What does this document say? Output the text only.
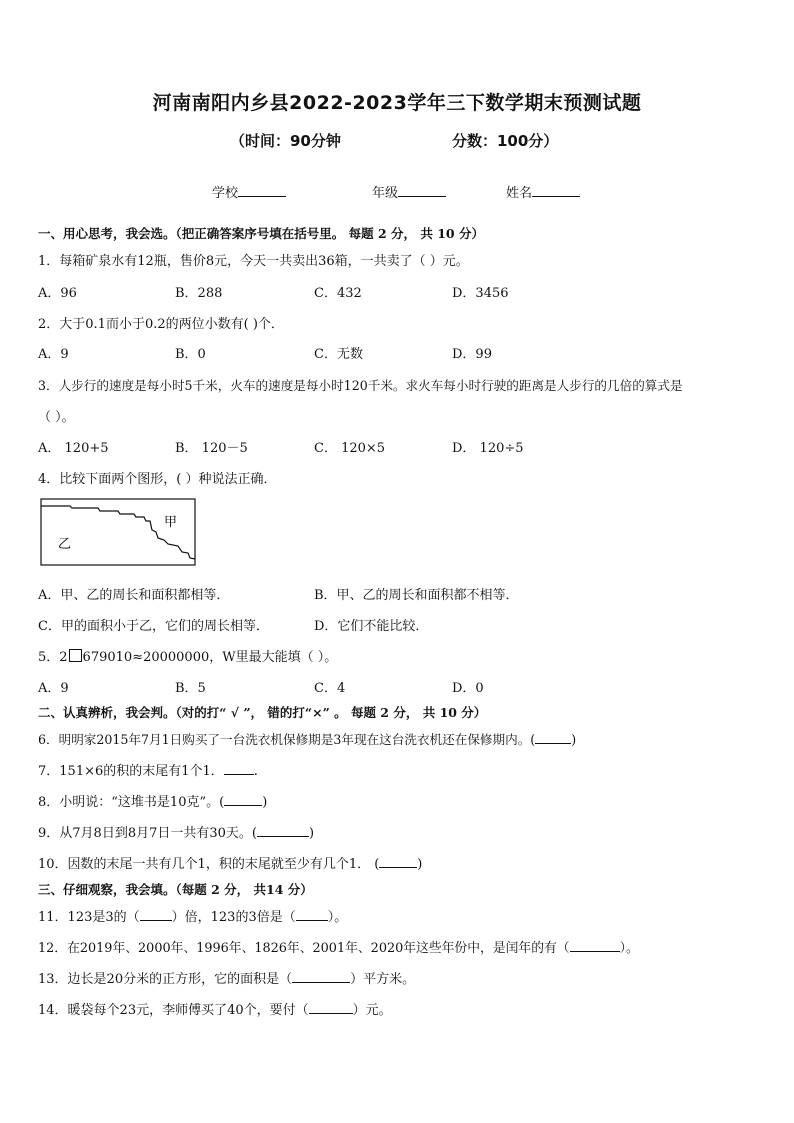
河南南阳内乡县2022-2023学年三下数学期末预测试题
（时间：90分钟	分数：100分）
学校	年级	姓名
一、用心思考，我会选。（把正确答案序号填在括号里。 每题 2 分， 共 10 分）
1．每箱矿泉水有12瓶，售价8元，今天一共卖出36箱，一共卖了（ ）元。
A．96	B．288	C．432	D．3456
2．大于0.1而小于0.2的两位小数有( )个．
A．9	B．0	C．无数	D．99
3．人步行的速度是每小时5千米，火车的速度是每小时120千米。求火车每小时行驶的距离是人步行的几倍的算式是
（ ）。
A． 120+5	B． 120－5	C． 120×5	D． 120÷5
4．比较下面两个图形，( ）种说法正确．
甲
乙
A．甲、乙的周长和面积都相等．	B．甲、乙的周长和面积都不相等．
C．甲的面积小于乙，它们的周长相等．	D．它们不能比较．
5．2 679010≈20000000，W里最大能填（ ）。
A．9	B．5	C．4	D．0
二、认真辨析，我会判。（对的打“ √ ”， 错的打“×” 。 每题 2 分， 共 10 分）
6．明明家2015年7月1日购买了一台洗衣机保修期是3年现在这台洗衣机还在保修期内。(	)
7．151×6的积的末尾有1个1． .
8．小明说：“这堆书是10克”。(	)
9．从7月8日到8月7日一共有30天。(	)
10．因数的末尾一共有几个1，积的末尾就至少有几个1． (	)
三、仔细观察，我会填。（每题 2 分， 共14 分）
11．123是3的（ ）倍，123的3倍是（ ）。
12．在2019年、2000年、1996年、1826年、2001年、2020年这些年份中，是闰年的有（	）。
13．边长是20分米的正方形，它的面积是（	）平方米。
14．暖袋每个23元，李师傅买了40个，要付（	）元。
